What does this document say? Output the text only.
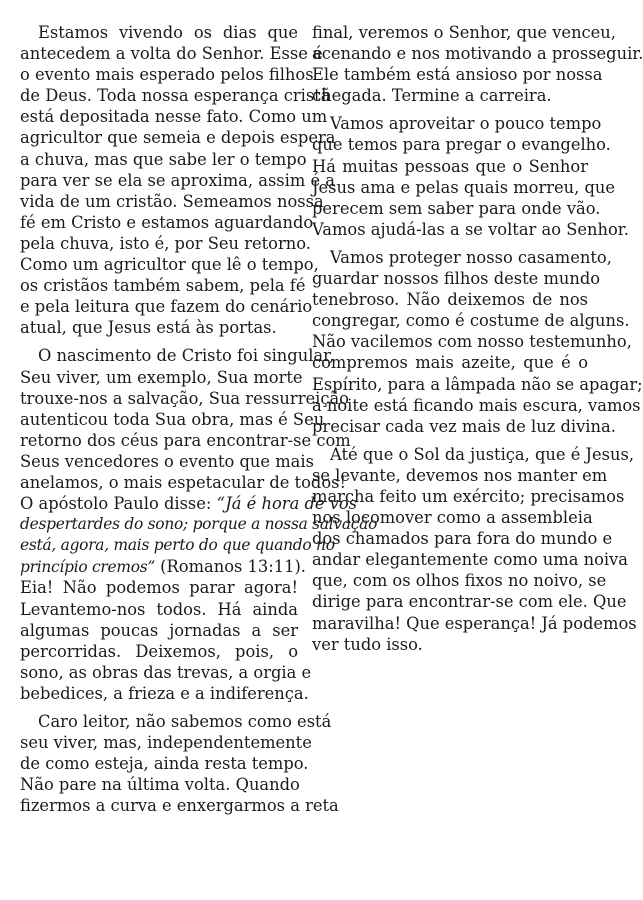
Estamos vivendo os dias que
antecedem a volta do Senhor. Esse é
o evento mais esperado pelos filhos
de Deus. Toda nossa esperança cristã
está depositada nesse fato. Como um
agricultor que semeia e depois espera
a chuva, mas que sabe ler o tempo
para ver se ela se aproxima, assim é a
vida de um cristão. Semeamos nossa
fé em Cristo e estamos aguardando
pela chuva, isto é, por Seu retorno.
Como um agricultor que lê o tempo,
os cristãos também sabem, pela fé
e pela leitura que fazem do cenário
atual, que Jesus está às portas.
O nascimento de Cristo foi singular,
Seu viver, um exemplo, Sua morte
trouxe-nos a salvação, Sua ressurreição
autenticou toda Sua obra, mas é Seu
retorno dos céus para encontrar-se com
Seus vencedores o evento que mais
anelamos, o mais espetacular de todos!
O apóstolo Paulo disse: “Já é hora de vos
despertardes do sono; porque a nossa salvação
está, agora, mais perto do que quando no
princípio cremos” (Romanos 13:11).
Eia! Não podemos parar agora!
Levantemo-nos todos. Há ainda
algumas poucas jornadas a ser
percorridas. Deixemos, pois, o
sono, as obras das trevas, a orgia e
bebedices, a frieza e a indiferença.
Caro leitor, não sabemos como está
seu viver, mas, independentemente
de como esteja, ainda resta tempo.
Não pare na última volta. Quando
fizermos a curva e enxergarmos a reta
final, veremos o Senhor, que venceu,
acenando e nos motivando a prosseguir.
Ele também está ansioso por nossa
chegada. Termine a carreira.
Vamos aproveitar o pouco tempo
que temos para pregar o evangelho.
Há muitas pessoas que o Senhor
Jesus ama e pelas quais morreu, que
perecem sem saber para onde vão.
Vamos ajudá-las a se voltar ao Senhor.
Vamos proteger nosso casamento,
guardar nossos filhos deste mundo
tenebroso. Não deixemos de nos
congregar, como é costume de alguns.
Não vacilemos com nosso testemunho,
compremos mais azeite, que é o
Espírito, para a lâmpada não se apagar;
a noite está ficando mais escura, vamos
precisar cada vez mais de luz divina.
Até que o Sol da justiça, que é Jesus,
se levante, devemos nos manter em
marcha feito um exército; precisamos
nos locomover como a assembleia
dos chamados para fora do mundo e
andar elegantemente como uma noiva
que, com os olhos fixos no noivo, se
dirige para encontrar-se com ele. Que
maravilha! Que esperança! Já podemos
ver tudo isso.
